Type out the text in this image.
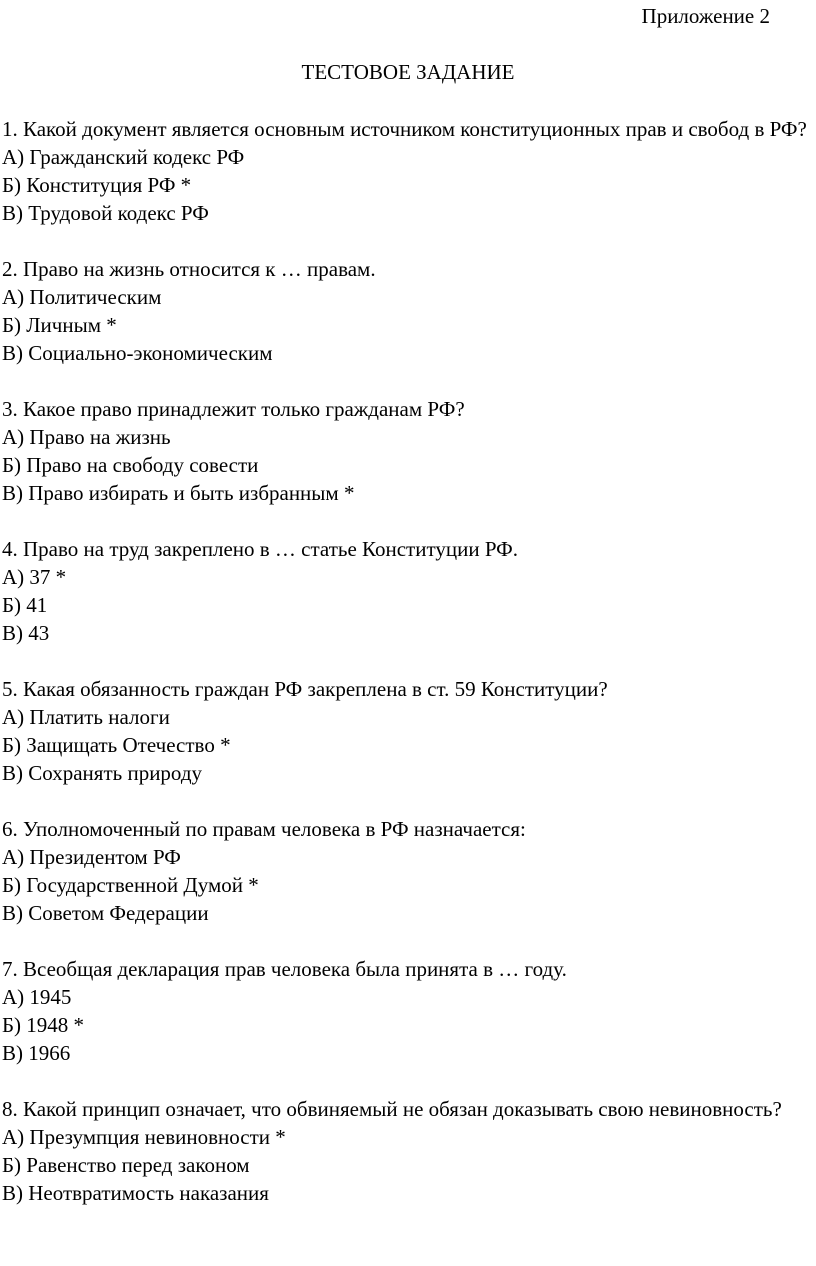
Приложение 2
ТЕСТОВОЕ ЗАДАНИЕ
1. Какой документ является основным источником конституционных прав и свобод в РФ?
А) Гражданский кодекс РФ
Б) Конституция РФ *
В) Трудовой кодекс РФ
2. Право на жизнь относится к … правам.
А) Политическим
Б) Личным *
В) Социально-экономическим
3. Какое право принадлежит только гражданам РФ?
А) Право на жизнь
Б) Право на свободу совести
В) Право избирать и быть избранным *
4. Право на труд закреплено в … статье Конституции РФ.
А) 37 *
Б) 41
В) 43
5. Какая обязанность граждан РФ закреплена в ст. 59 Конституции?
А) Платить налоги
Б) Защищать Отечество *
В) Сохранять природу
6. Уполномоченный по правам человека в РФ назначается:
А) Президентом РФ
Б) Государственной Думой *
В) Советом Федерации
7. Всеобщая декларация прав человека была принята в … году.
А) 1945
Б) 1948 *
В) 1966
8. Какой принцип означает, что обвиняемый не обязан доказывать свою невиновность?
А) Презумпция невиновности *
Б) Равенство перед законом
В) Неотвратимость наказания
